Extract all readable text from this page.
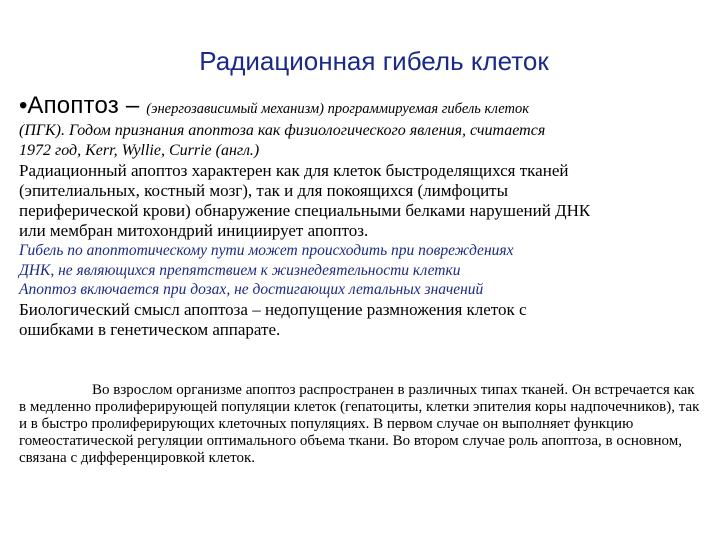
Радиационная гибель клеток
•Апоптоз – (энергозависимый механизм) программируемая гибель клеток
(ПГК). Годом признания апоптоза как физиологического явления, считается
1972 год, Kerr, Wyllie, Currie (англ.)
Радиационный апоптоз характерен как для клеток быстроделящихся тканей
(эпителиальных, костный мозг), так и для покоящихся (лимфоциты
периферической крови) обнаружение специальными белками нарушений ДНК
или мембран митохондрий инициирует апоптоз.
Гибель по апоптотическому пути может происходить при повреждениях
ДНК, не являющихся препятствием к жизнедеятельности клетки
Апоптоз включается при дозах, не достигающих летальных значений
Биологический смысл апоптоза – недопущение размножения клеток с
ошибками в генетическом аппарате.
Во взрослом организме апоптоз распространен в различных типах тканей. Он встречается как в медленно пролиферирующей популяции клеток (гепатоциты, клетки эпителия коры надпочечников), так и в быстро пролиферирующих клеточных популяциях. В первом случае он выполняет функцию гомеостатической регуляции оптимального объема ткани. Во втором случае роль апоптоза, в основном, связана с дифференцировкой клеток.
